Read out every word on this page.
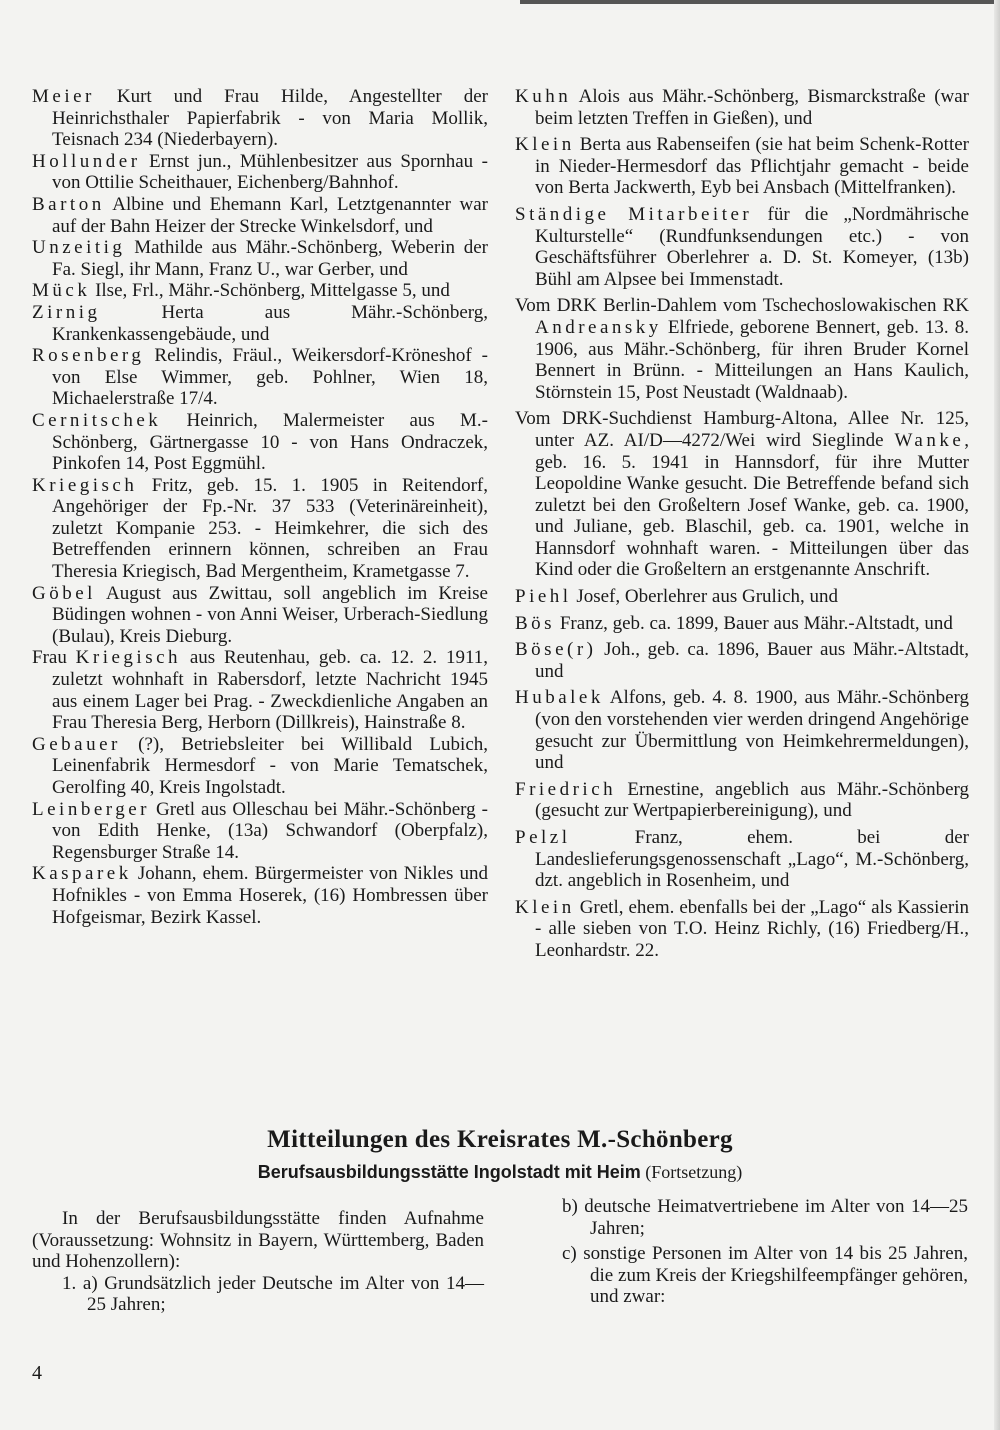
Meier Kurt und Frau Hilde, Angestellter der Heinrichsthaler Papierfabrik - von Maria Mollik, Teisnach 234 (Niederbayern).

Hollunder Ernst jun., Mühlenbesitzer aus Spornhau - von Ottilie Scheithauer, Eichenberg/Bahnhof.

Barton Albine und Ehemann Karl, Letztgenannter war auf der Bahn Heizer der Strecke Winkelsdorf, und

Unzeitig Mathilde aus Mähr.-Schönberg, Weberin der Fa. Siegl, ihr Mann, Franz U., war Gerber, und

Mück Ilse, Frl., Mähr.-Schönberg, Mittelgasse 5, und

Zirnig Herta aus Mähr.-Schönberg, Krankenkassengebäude, und

Rosenberg Relindis, Fräul., Weikersdorf-Kröneshof - von Else Wimmer, geb. Pohlner, Wien 18, Michaelerstraße 17/4.

Cernitschek Heinrich, Malermeister aus M.-Schönberg, Gärtnergasse 10 - von Hans Ondraczek, Pinkofen 14, Post Eggmühl.

Kriegisch Fritz, geb. 15. 1. 1905 in Reitendorf, Angehöriger der Fp.-Nr. 37 533 (Veterinäreinheit), zuletzt Kompanie 253. - Heimkehrer, die sich des Betreffenden erinnern können, schreiben an Frau Theresia Kriegisch, Bad Mergentheim, Krametgasse 7.

Göbel August aus Zwittau, soll angeblich im Kreise Büdingen wohnen - von Anni Weiser, Urberach-Siedlung (Bulau), Kreis Dieburg.

Frau Kriegisch aus Reutenhau, geb. ca. 12. 2. 1911, zuletzt wohnhaft in Rabersdorf, letzte Nachricht 1945 aus einem Lager bei Prag. - Zweckdienliche Angaben an Frau Theresia Berg, Herborn (Dillkreis), Hainstraße 8.

Gebauer (?), Betriebsleiter bei Willibald Lubich, Leinenfabrik Hermesdorf - von Marie Tematschek, Gerolfing 40, Kreis Ingolstadt.

Leinberger Gretl aus Olleschau bei Mähr.-Schönberg - von Edith Henke, (13a) Schwandorf (Oberpfalz), Regensburger Straße 14.

Kasparek Johann, ehem. Bürgermeister von Nikles und Hofnikles - von Emma Hoserek, (16) Hombressen über Hofgeismar, Bezirk Kassel.

Kuhn Alois aus Mähr.-Schönberg, Bismarckstraße (war beim letzten Treffen in Gießen), und

Klein Berta aus Rabenseifen (sie hat beim Schenk-Rotter in Nieder-Hermesdorf das Pflichtjahr gemacht - beide von Berta Jackwerth, Eyb bei Ansbach (Mittelfranken).

Ständige Mitarbeiter für die „Nordmährische Kulturstelle“ (Rundfunksendungen etc.) - von Geschäftsführer Oberlehrer a. D. St. Komeyer, (13b) Bühl am Alpsee bei Immenstadt.

Vom DRK Berlin-Dahlem vom Tschechoslowakischen RK Andreansky Elfriede, geborene Bennert, geb. 13. 8. 1906, aus Mähr.-Schönberg, für ihren Bruder Kornel Bennert in Brünn. - Mitteilungen an Hans Kaulich, Störnstein 15, Post Neustadt (Waldnaab).

Vom DRK-Suchdienst Hamburg-Altona, Allee Nr. 125, unter AZ. AI/D—4272/Wei wird Sieglinde Wanke, geb. 16. 5. 1941 in Hannsdorf, für ihre Mutter Leopoldine Wanke gesucht. Die Betreffende befand sich zuletzt bei den Großeltern Josef Wanke, geb. ca. 1900, und Juliane, geb. Blaschil, geb. ca. 1901, welche in Hannsdorf wohnhaft waren. - Mitteilungen über das Kind oder die Großeltern an erstgenannte Anschrift.

Piehl Josef, Oberlehrer aus Grulich, und

Bös Franz, geb. ca. 1899, Bauer aus Mähr.-Altstadt, und

Böse(r) Joh., geb. ca. 1896, Bauer aus Mähr.-Altstadt, und

Hubalek Alfons, geb. 4. 8. 1900, aus Mähr.-Schönberg (von den vorstehenden vier werden dringend Angehörige gesucht zur Übermittlung von Heimkehrermeldungen), und

Friedrich Ernestine, angeblich aus Mähr.-Schönberg (gesucht zur Wertpapierbereinigung), und

Pelzl Franz, ehem. bei der Landeslieferungsgenossenschaft „Lago“, M.-Schönberg, dzt. angeblich in Rosenheim, und

Klein Gretl, ehem. ebenfalls bei der „Lago“ als Kassierin - alle sieben von T.O. Heinz Richly, (16) Friedberg/H., Leonhardstr. 22.

Mitteilungen des Kreisrates M.-Schönberg
Berufsausbildungsstätte Ingolstadt mit Heim (Fortsetzung)

In der Berufsausbildungsstätte finden Aufnahme (Voraussetzung: Wohnsitz in Bayern, Württemberg, Baden und Hohenzollern):

1. a) Grundsätzlich jeder Deutsche im Alter von 14—25 Jahren;

b) deutsche Heimatvertriebene im Alter von 14—25 Jahren;

c) sonstige Personen im Alter von 14 bis 25 Jahren, die zum Kreis der Kriegshilfeempfänger gehören, und zwar:

4
